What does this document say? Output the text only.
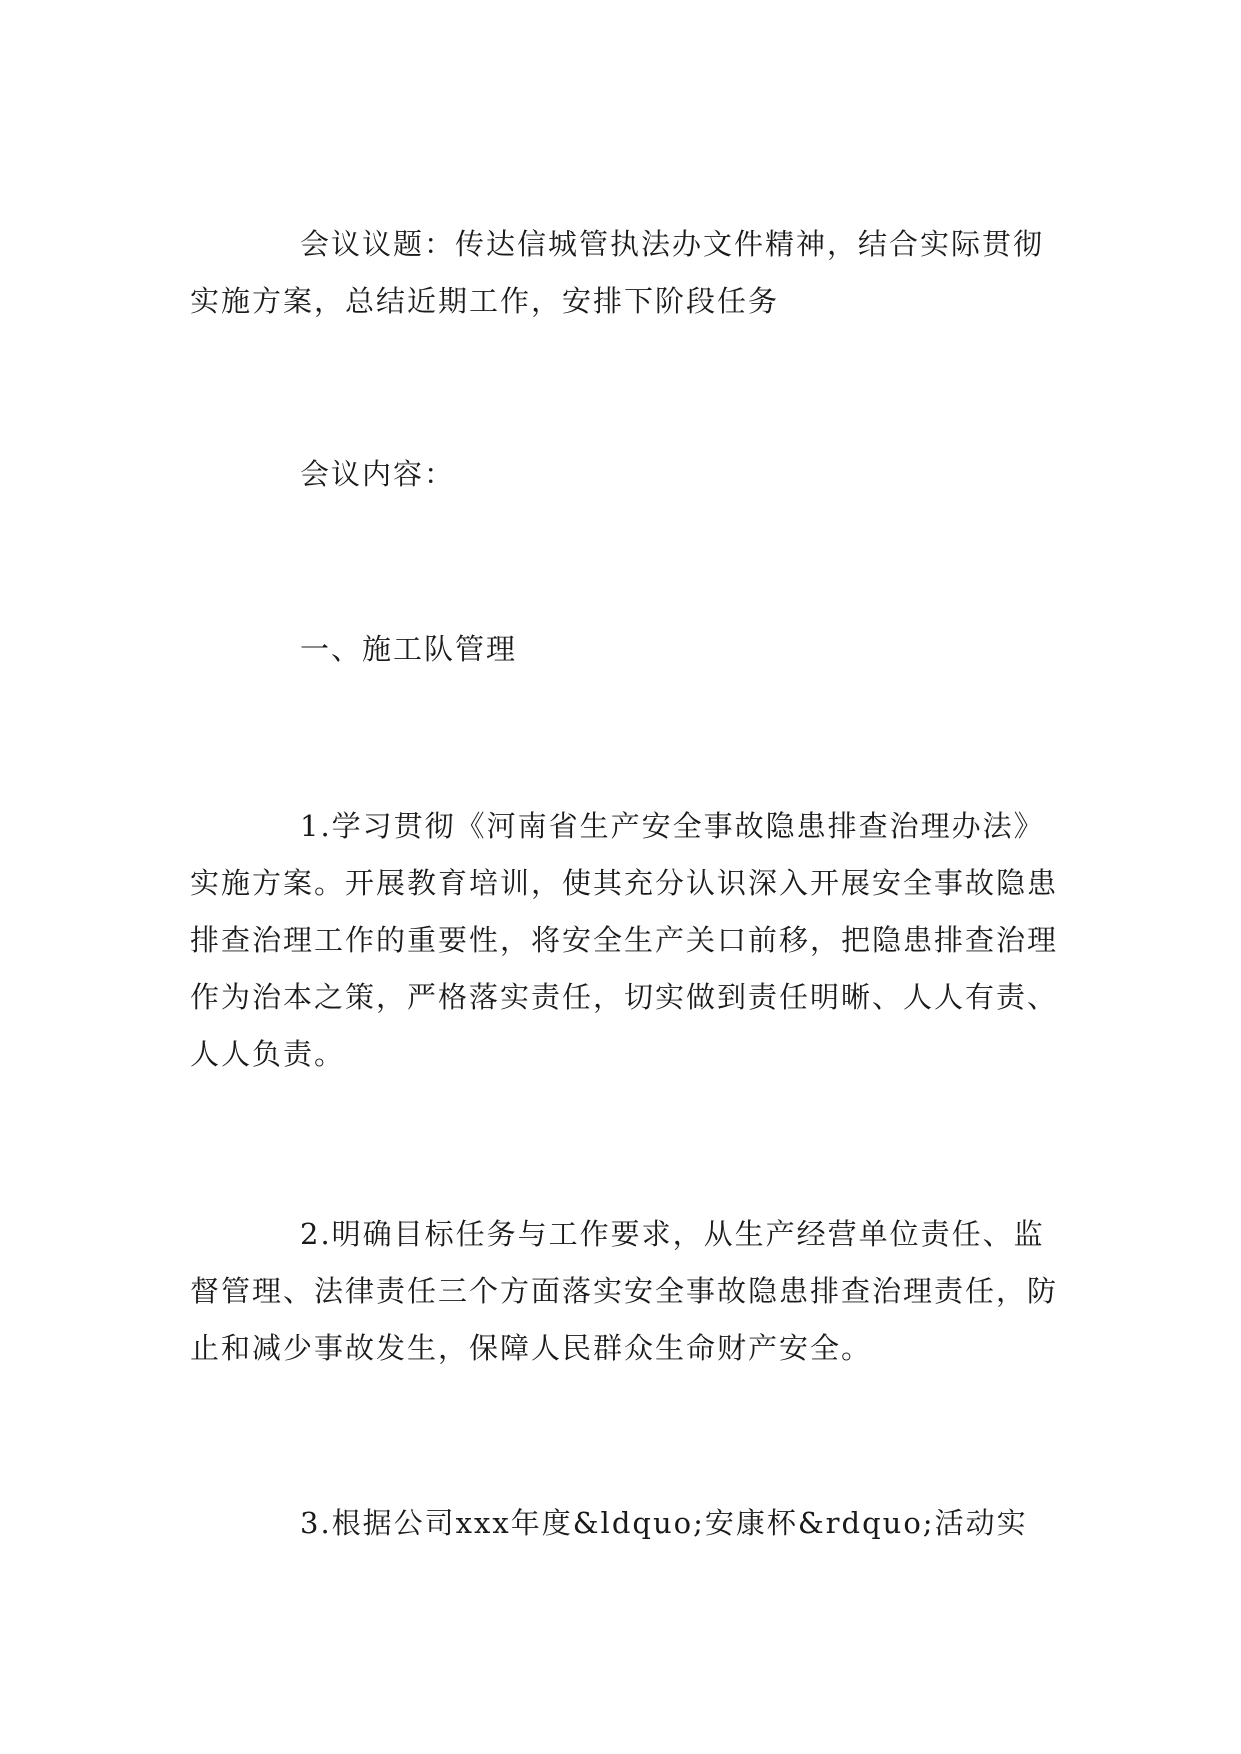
会议议题：传达信城管执法办文件精神，结合实际贯彻实施方案，总结近期工作，安排下阶段任务

会议内容：

一、施工队管理

1.学习贯彻《河南省生产安全事故隐患排查治理办法》实施方案。开展教育培训，使其充分认识深入开展安全事故隐患排查治理工作的重要性，将安全生产关口前移，把隐患排查治理作为治本之策，严格落实责任，切实做到责任明晰、人人有责、人人负责。

2.明确目标任务与工作要求，从生产经营单位责任、监督管理、法律责任三个方面落实安全事故隐患排查治理责任，防止和减少事故发生，保障人民群众生命财产安全。

3.根据公司xxx年度&ldquo;安康杯&rdquo;活动实
